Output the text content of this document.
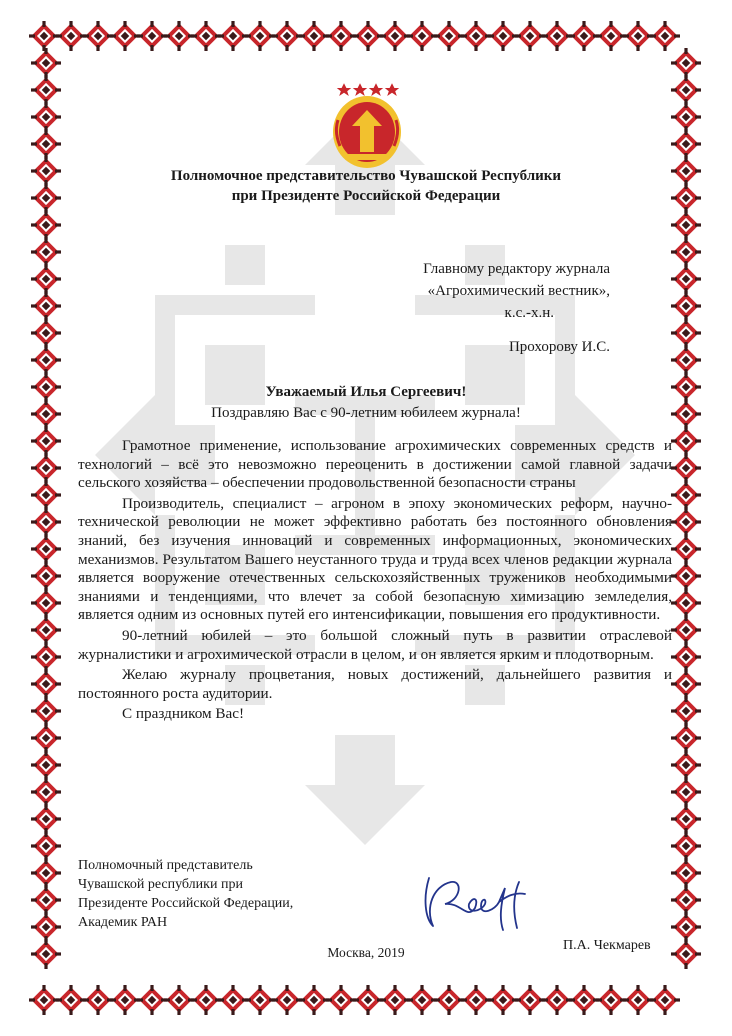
Полномочное представительство Чувашской Республики
при Президенте Российской Федерации
Главному редактору журнала
«Агрохимический вестник»,
к.с.-х.н.
Прохорову И.С.
Уважаемый Илья Сергеевич!
Поздравляю Вас с 90-летним юбилеем журнала!

Грамотное применение, использование агрохимических современных средств и технологий – всё это невозможно переоценить в достижении самой главной задачи сельского хозяйства – обеспечении продовольственной безопасности страны

Производитель, специалист – агроном в эпоху экономических реформ, научно-технической революции не может эффективно работать без постоянного обновления знаний, без изучения инноваций и современных информационных, экономических механизмов. Результатом Вашего неустанного труда и труда всех членов редакции журнала является вооружение отечественных сельскохозяйственных тружеников необходимыми знаниями и тенденциями, что влечет за собой безопасную химизацию земледелия, является одним из основных путей его интенсификации, повышения его продуктивности.

90-летний юбилей – это большой сложный путь в развитии отраслевой журналистики и агрохимической отрасли в целом, и он является ярким и плодотворным.

Желаю журналу процветания, новых достижений, дальнейшего развития и постоянного роста аудитории.

С праздником Вас!

Полномочный представитель
Чувашской республики при
Президенте Российской Федерации,
Академик РАН
П.А. Чекмарев
Москва, 2019
